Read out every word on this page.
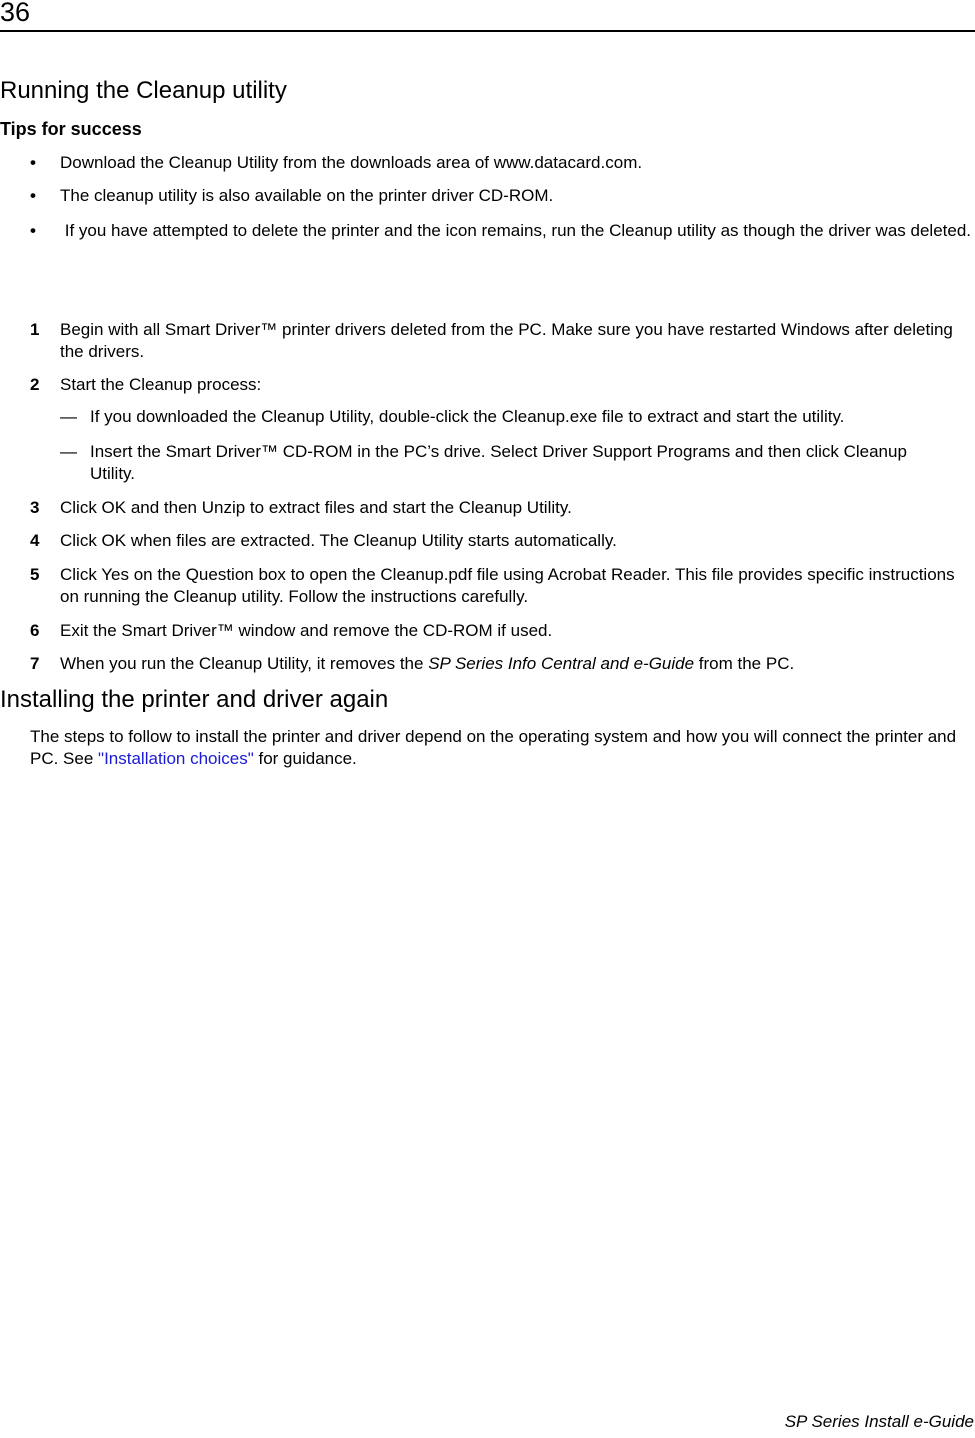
36
Running the Cleanup utility
Tips for success
• Download the Cleanup Utility from the downloads area of www.datacard.com.
• The cleanup utility is also available on the printer driver CD-ROM.
• If you have attempted to delete the printer and the icon remains, run the Cleanup utility as though the driver was deleted.
1 Begin with all Smart Driver™ printer drivers deleted from the PC. Make sure you have restarted Windows after deleting the drivers.
2 Start the Cleanup process:
— If you downloaded the Cleanup Utility, double-click the Cleanup.exe file to extract and start the utility.
— Insert the Smart Driver™ CD-ROM in the PC’s drive. Select Driver Support Programs and then click Cleanup Utility.
3 Click OK and then Unzip to extract files and start the Cleanup Utility.
4 Click OK when files are extracted. The Cleanup Utility starts automatically.
5 Click Yes on the Question box to open the Cleanup.pdf file using Acrobat Reader. This file provides specific instructions on running the Cleanup utility. Follow the instructions carefully.
6 Exit the Smart Driver™ window and remove the CD-ROM if used.
7 When you run the Cleanup Utility, it removes the SP Series Info Central and e-Guide from the PC.
Installing the printer and driver again
The steps to follow to install the printer and driver depend on the operating system and how you will connect the printer and PC. See "Installation choices" for guidance.
SP Series Install e-Guide
